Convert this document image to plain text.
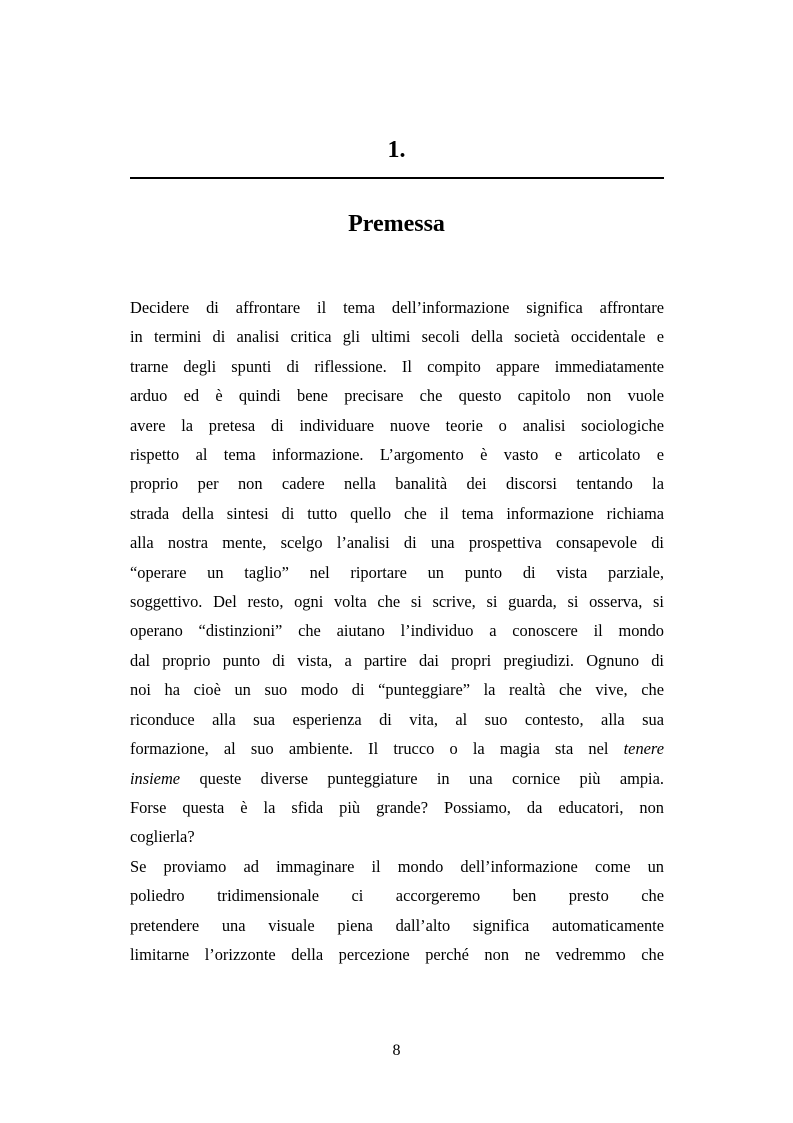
1.
Premessa
Decidere di affrontare il tema dell’informazione significa affrontare
in termini di analisi critica gli ultimi secoli della società occidentale e
trarne degli spunti di riflessione. Il compito appare immediatamente
arduo ed è quindi bene precisare che questo capitolo non vuole
avere la pretesa di individuare nuove teorie o analisi sociologiche
rispetto al tema informazione. L’argomento è vasto e articolato e
proprio per non cadere nella banalità dei discorsi tentando la
strada della sintesi di tutto quello che il tema informazione richiama
alla nostra mente, scelgo l’analisi di una prospettiva consapevole di
“operare un taglio” nel riportare un punto di vista parziale,
soggettivo. Del resto, ogni volta che si scrive, si guarda, si osserva, si
operano “distinzioni” che aiutano l’individuo a conoscere il mondo
dal proprio punto di vista, a partire dai propri pregiudizi. Ognuno di
noi ha cioè un suo modo di “punteggiare” la realtà che vive, che
riconduce alla sua esperienza di vita, al suo contesto, alla sua
formazione, al suo ambiente. Il trucco o la magia sta nel tenere
insieme queste diverse punteggiature in una cornice più ampia.
Forse questa è la sfida più grande? Possiamo, da educatori, non
coglierla?
Se proviamo ad immaginare il mondo dell’informazione come un
poliedro tridimensionale ci accorgeremo ben presto che
pretendere una visuale piena dall’alto significa automaticamente
limitarne l’orizzonte della percezione perché non ne vedremmo che
8
